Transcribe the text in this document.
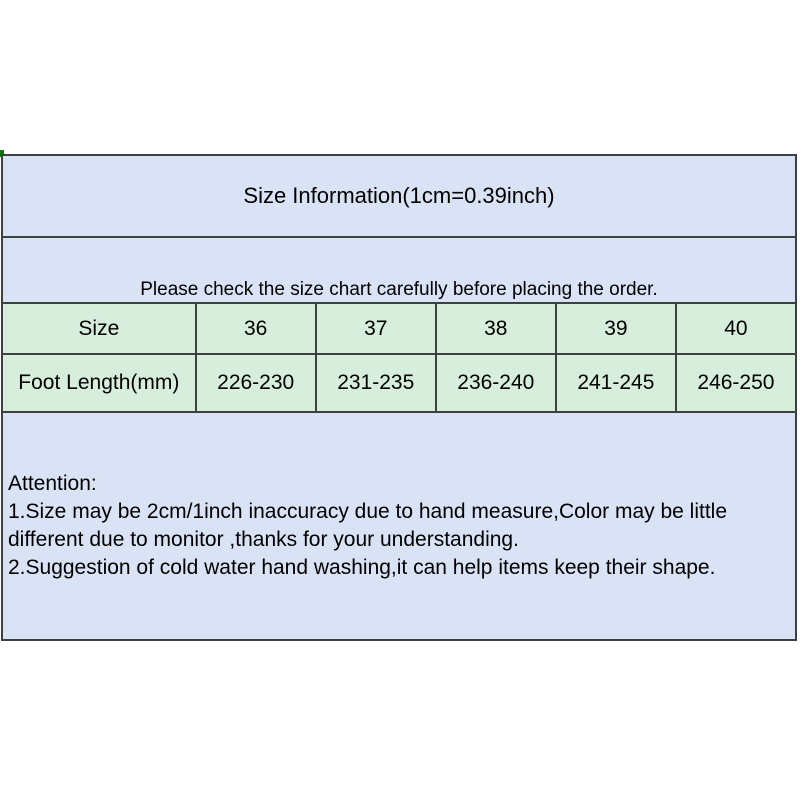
Size Information(1cm=0.39inch)
Please check the size chart carefully before placing the order.
Size	36	37	38	39	40
Foot Length(mm)	226-230	231-235	236-240	241-245	246-250
Attention:
1.Size may be 2cm/1inch inaccuracy due to hand measure,Color may be little
different due to monitor ,thanks for your understanding.
2.Suggestion of cold water hand washing,it can help items keep their shape.
